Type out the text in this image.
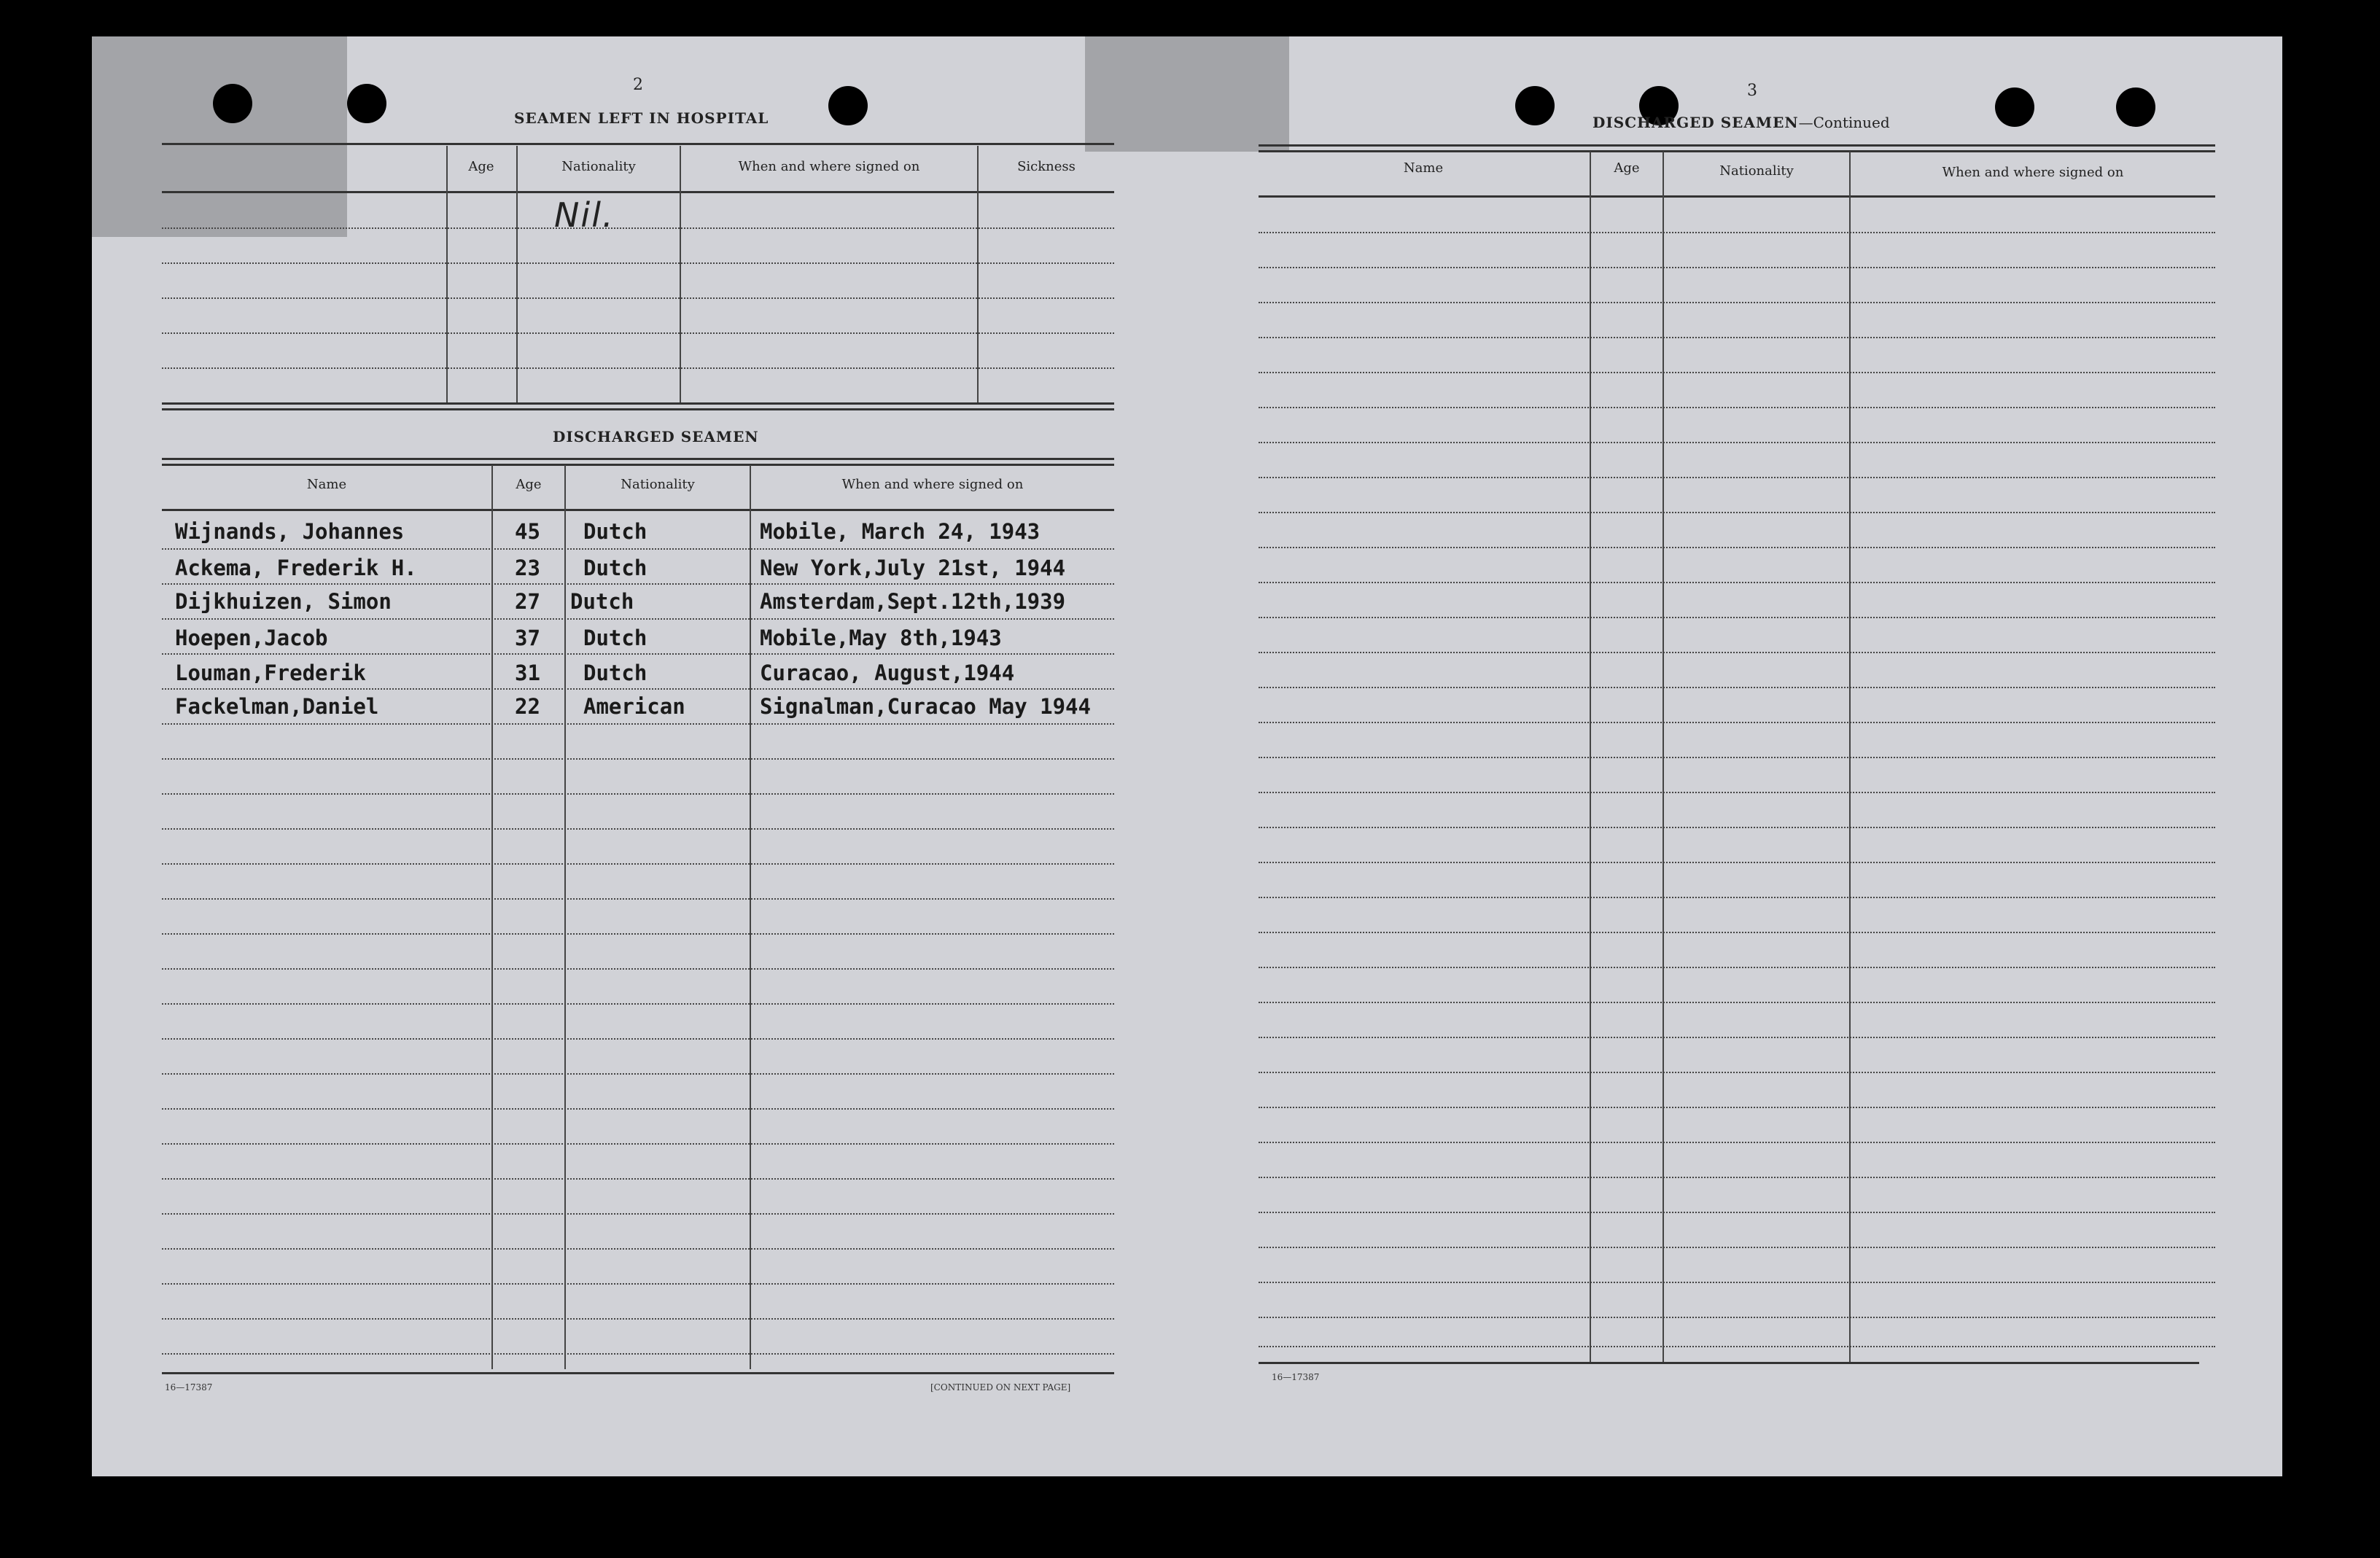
2
SEAMEN LEFT IN HOSPITAL
Age	Nationality	When and where signed on	Sickness
Nil.
DISCHARGED SEAMEN
Name	Age	Nationality	When and where signed on
Wijnands, Johannes	45 Dutch	Mobile, March 24, 1943
Ackema, Frederik H.	23 Dutch	New York,July 21st, 1944
Dijkhuizen, Simon	27 Dutch	Amsterdam,Sept.12th,1939
Hoepen,Jacob	37 Dutch	Mobile,May 8th,1943
Louman,Frederik	31 Dutch	Curacao, August,1944
Fackelman,Daniel	22 American	Signalman,Curacao May 1944
16—17387	[CONTINUED ON NEXT PAGE]
3
DISCHARGED SEAMEN—Continued
Name	Age	Nationality	When and where signed on
16—17387
